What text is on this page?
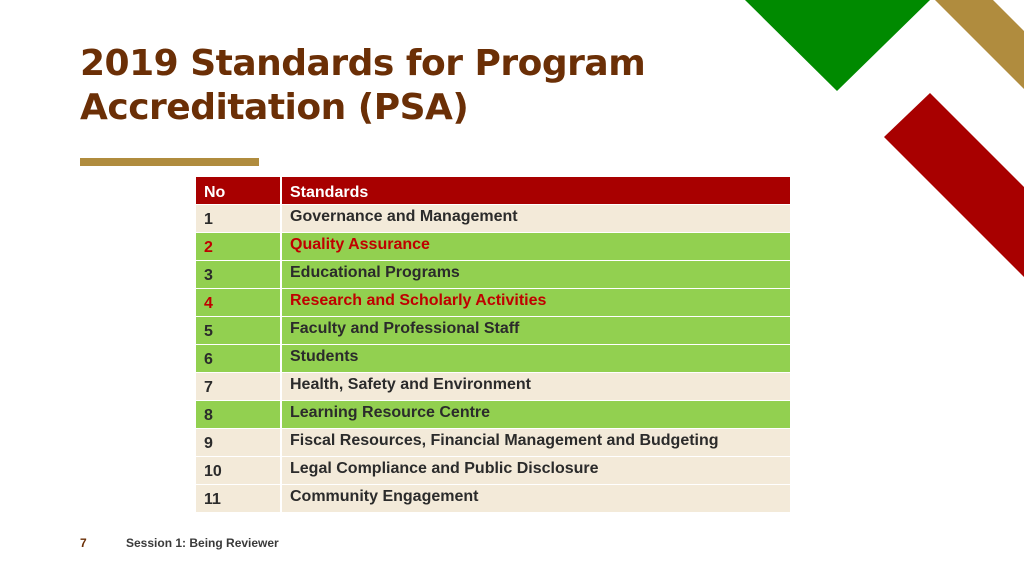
2019 Standards for Program
Accreditation (PSA)
No	Standards
1	Governance and Management
2	Quality Assurance
3	Educational Programs
4	Research and Scholarly Activities
5	Faculty and Professional Staff
6	Students
7	Health, Safety and Environment
8	Learning Resource Centre
9	Fiscal Resources, Financial Management and Budgeting
10	Legal Compliance and Public Disclosure
11	Community Engagement
7	Session 1: Being Reviewer
